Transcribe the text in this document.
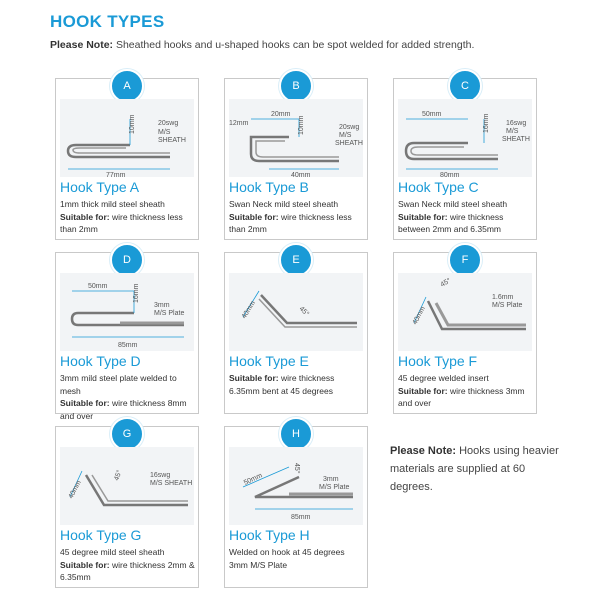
HOOK TYPES
Please Note: Sheathed hooks and u-shaped hooks can be spot welded for added strength.
A
10mm	20swg
M/S
SHEATH
77mm
Hook Type A
1mm thick mild steel sheath
Suitable for: wire thickness less than 2mm
B
12mm
20mm
10mm	20swg
M/S
SHEATH
40mm
Hook Type B
Swan Neck mild steel sheath
Suitable for: wire thickness less than 2mm
C
50mm	16mm 16swg
M/S
SHEATH
80mm
Hook Type C
Swan Neck mild steel sheath
Suitable for: wire thickness between 2mm and 6.35mm
D
50mm	16mm
3mm
M/S Plate
85mm
Hook Type D
3mm mild steel plate welded to mesh
Suitable for: wire thickness 8mm and over
E
40mm	45°
Hook Type E
Suitable for: wire thickness 6.35mm bent at 45 degrees
F
45°
1.6mm
M/S Plate
40mm
Hook Type F
45 degree welded insert
Suitable for: wire thickness 3mm and over
G
40mm
45°	16swg
M/S SHEATH
Hook Type G
45 degree mild steel sheath
Suitable for: wire thickness 2mm & 6.35mm
H
50mm
45°
3mm
M/S Plate
85mm
Hook Type H
Welded on hook at 45 degrees 3mm M/S Plate
Please Note: Hooks using heavier materials are supplied at 60 degrees.
